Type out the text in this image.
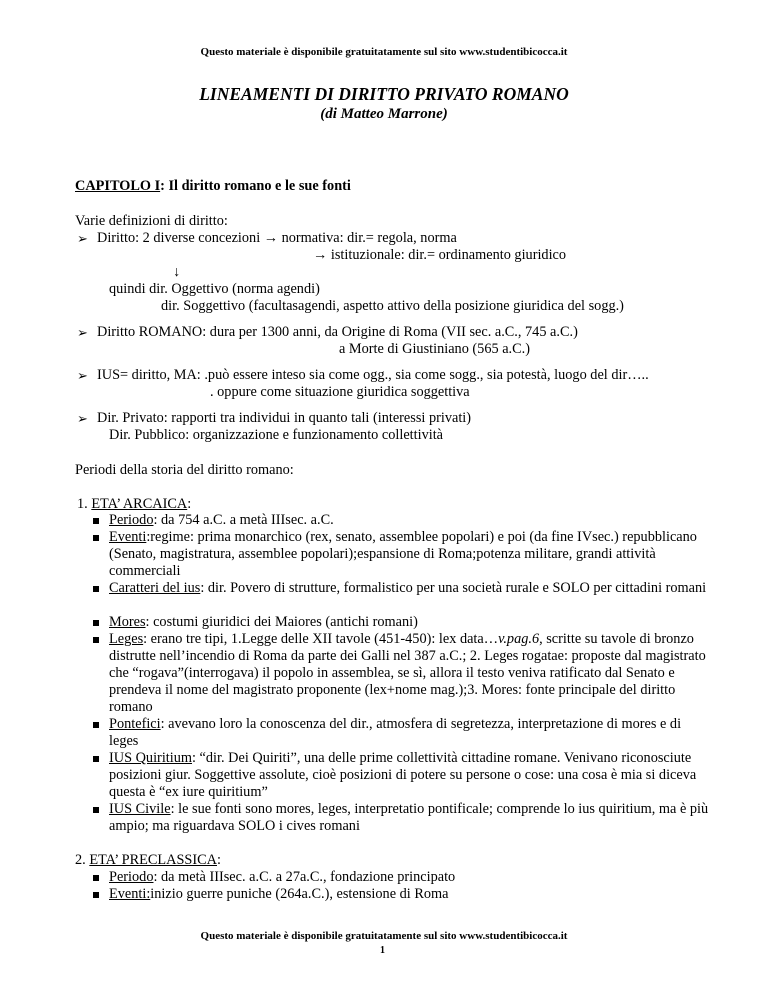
Questo materiale è disponibile gratuitatamente sul sito www.studentibicocca.it
LINEAMENTI DI DIRITTO PRIVATO ROMANO
(di Matteo Marrone)
CAPITOLO I: Il diritto romano e le sue fonti
Varie definizioni di diritto:
➢ Diritto: 2 diverse concezioni → normativa: dir.= regola, norma
→ istituzionale: dir.= ordinamento giuridico
↓
quindi dir. Oggettivo (norma agendi)
dir. Soggettivo (facultasagendi, aspetto attivo della posizione giuridica del sogg.)
➢ Diritto ROMANO: dura per 1300 anni, da Origine di Roma (VII sec. a.C., 745 a.C.)
a Morte di Giustiniano (565 a.C.)
➢ IUS= diritto, MA: .può essere inteso sia come ogg., sia come sogg., sia potestà, luogo del dir…..
. oppure come situazione giuridica soggettiva
➢ Dir. Privato: rapporti tra individui in quanto tali (interessi privati)
Dir. Pubblico: organizzazione e funzionamento collettività
Periodi della storia del diritto romano:
1. ETA’ ARCAICA:
Periodo: da 754 a.C. a metà IIIsec. a.C.
Eventi:regime: prima monarchico (rex, senato, assemblee popolari) e poi (da fine IVsec.) repubblicano (Senato, magistratura, assemblee popolari);espansione di Roma;potenza militare, grandi attività commerciali
Caratteri del ius: dir. Povero di strutture, formalistico per una società rurale e SOLO per cittadini romani
Mores: costumi giuridici dei Maiores (antichi romani)
Leges: erano tre tipi, 1.Legge delle XII tavole (451-450): lex data…v.pag.6, scritte su tavole di bronzo distrutte nell’incendio di Roma da parte dei Galli nel 387 a.C.; 2. Leges rogatae: proposte dal magistrato che “rogava”(interrogava) il popolo in assemblea, se sì, allora il testo veniva ratificato dal Senato e prendeva il nome del magistrato proponente (lex+nome mag.);3. Mores: fonte principale del diritto romano
Pontefici: avevano loro la conoscenza del dir., atmosfera di segretezza, interpretazione di mores e di leges
IUS Quiritium: “dir. Dei Quiriti”, una delle prime collettività cittadine romane. Venivano riconosciute posizioni giur. Soggettive assolute, cioè posizioni di potere su persone o cose: una cosa è mia si diceva questa è “ex iure quiritium”
IUS Civile: le sue fonti sono mores, leges, interpretatio pontificale; comprende lo ius quiritium, ma è più ampio; ma riguardava SOLO i cives romani
2. ETA’ PRECLASSICA:
Periodo: da metà IIIsec. a.C. a 27a.C., fondazione principato
Eventi:inizio guerre puniche (264a.C.), estensione di Roma
Questo materiale è disponibile gratuitatamente sul sito www.studentibicocca.it
1
